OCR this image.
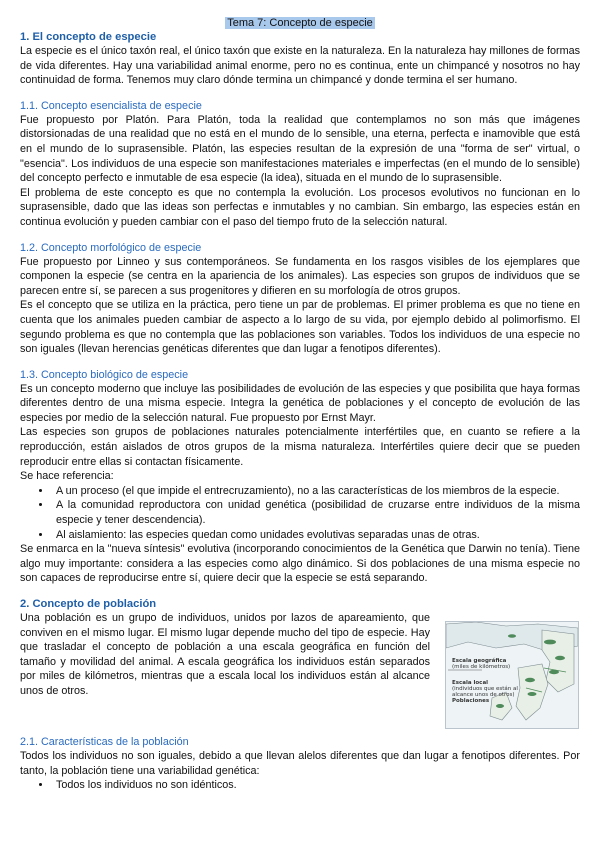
Tema 7: Concepto de especie

1. El concepto de especie

La especie es el único taxón real, el único taxón que existe en la naturaleza. En la naturaleza hay millones de formas de vida diferentes. Hay una variabilidad animal enorme, pero no es continua, ente un chimpancé y nosotros no hay continuidad de forma. Tenemos muy claro dónde termina un chimpancé y donde termina el ser humano.

1.1. Concepto esencialista de especie

Fue propuesto por Platón. Para Platón, toda la realidad que contemplamos no son más que imágenes distorsionadas de una realidad que no está en el mundo de lo sensible, una eterna, perfecta e inamovible que está en el mundo de lo suprasensible. Platón, las especies resultan de la expresión de una "forma de ser" virtual, o "esencia". Los individuos de una especie son manifestaciones materiales e imperfectas (en el mundo de lo sensible) del concepto perfecto e inmutable de esa especie (la idea), situada en el mundo de lo suprasensible.

El problema de este concepto es que no contempla la evolución. Los procesos evolutivos no funcionan en lo suprasensible, dado que las ideas son perfectas e inmutables y no cambian. Sin embargo, las especies están en continua evolución y pueden cambiar con el paso del tiempo fruto de la selección natural.

1.2. Concepto morfológico de especie

Fue propuesto por Linneo y sus contemporáneos. Se fundamenta en los rasgos visibles de los ejemplares que componen la especie (se centra en la apariencia de los animales). Las especies son grupos de individuos que se parecen entre sí, se parecen a sus progenitores y difieren en su morfología de otros grupos.

Es el concepto que se utiliza en la práctica, pero tiene un par de problemas. El primer problema es que no tiene en cuenta que los animales pueden cambiar de aspecto a lo largo de su vida, por ejemplo debido al polimorfismo. El segundo problema es que no contempla que las poblaciones son variables. Todos los individuos de una especie no son iguales (llevan herencias genéticas diferentes que dan lugar a fenotipos diferentes).

1.3. Concepto biológico de especie

Es un concepto moderno que incluye las posibilidades de evolución de las especies y que posibilita que haya formas diferentes dentro de una misma especie. Integra la genética de poblaciones y el concepto de evolución de las especies por medio de la selección natural. Fue propuesto por Ernst Mayr.

Las especies son grupos de poblaciones naturales potencialmente interfértiles que, en cuanto se refiere a la reproducción, están aislados de otros grupos de la misma naturaleza. Interfértiles quiere decir que se pueden reproducir entre ellas si contactan físicamente.

Se hace referencia:

• A un proceso (el que impide el entrecruzamiento), no a las características de los miembros de la especie.
• A la comunidad reproductora con unidad genética (posibilidad de cruzarse entre individuos de la misma especie y tener descendencia).
• Al aislamiento: las especies quedan como unidades evolutivas separadas unas de otras.

Se enmarca en la "nueva síntesis" evolutiva (incorporando conocimientos de la Genética que Darwin no tenía). Tiene algo muy importante: considera a las especies como algo dinámico. Si dos poblaciones de una misma especie no son capaces de reproducirse entre sí, quiere decir que la especie se está separando.

2. Concepto de población

Una población es un grupo de individuos, unidos por lazos de apareamiento, que conviven en el mismo lugar. El mismo lugar depende mucho del tipo de especie. Hay que trasladar el concepto de población a una escala geográfica en función del tamaño y movilidad del animal. A escala geográfica los individuos están separados por miles de kilómetros, mientras que a escala local los individuos están al alcance unos de otros.

Escala geográfica
(miles de kilómetros)
Escala local
(individuos que están al
alcance unos de otros)
Poblaciones
2.1. Características de la población

Todos los individuos no son iguales, debido a que llevan alelos diferentes que dan lugar a fenotipos diferentes. Por tanto, la población tiene una variabilidad genética:

• Todos los individuos no son idénticos.
